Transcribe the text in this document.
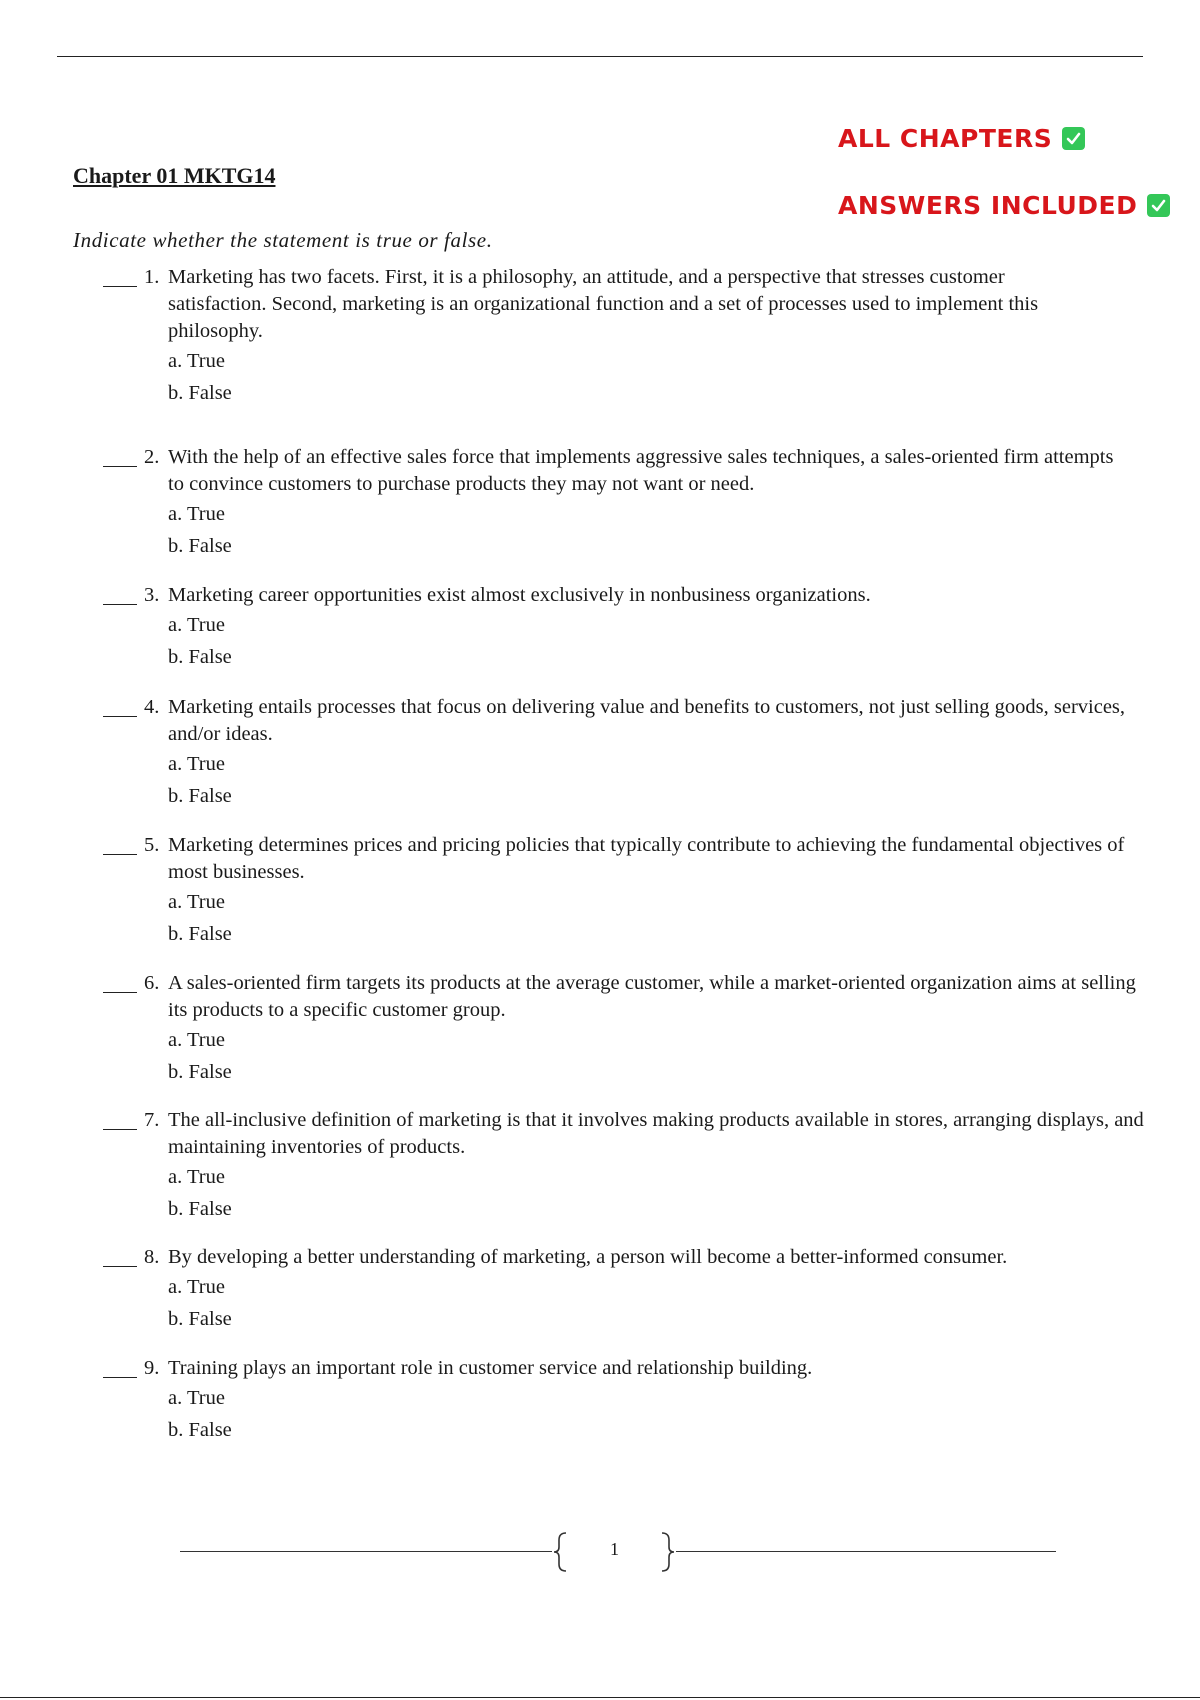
ALL CHAPTERS
ANSWERS INCLUDED
Chapter 01 MKTG14
Indicate whether the statement is true or false.
1. Marketing has two facets. First, it is a philosophy, an attitude, and a perspective that stresses customer satisfaction. Second, marketing is an organizational function and a set of processes used to implement this philosophy.
a. True
b. False
2. With the help of an effective sales force that implements aggressive sales techniques, a sales-oriented firm attempts to convince customers to purchase products they may not want or need.
a. True
b. False
3. Marketing career opportunities exist almost exclusively in nonbusiness organizations.
a. True
b. False
4. Marketing entails processes that focus on delivering value and benefits to customers, not just selling goods, services, and/or ideas.
a. True
b. False
5. Marketing determines prices and pricing policies that typically contribute to achieving the fundamental objectives of most businesses.
a. True
b. False
6. A sales-oriented firm targets its products at the average customer, while a market-oriented organization aims at selling its products to a specific customer group.
a. True
b. False
7. The all-inclusive definition of marketing is that it involves making products available in stores, arranging displays, and maintaining inventories of products.
a. True
b. False
8. By developing a better understanding of marketing, a person will become a better-informed consumer.
a. True
b. False
9. Training plays an important role in customer service and relationship building.
a. True
b. False
1
